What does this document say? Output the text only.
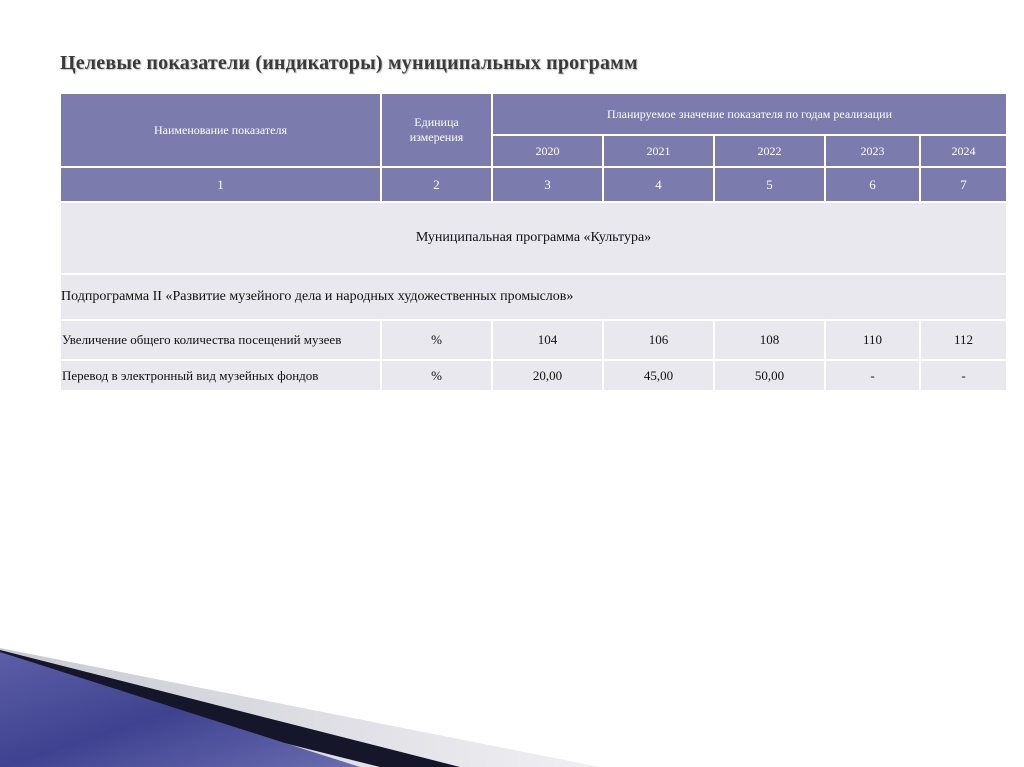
Целевые показатели (индикаторы) муниципальных программ
Наименование показателя	Единица измерения	Планируемое значение показателя по годам реализации				
		2020	2021	2022	2023	2024
1	2	3	4	5	6	7
Муниципальная программа «Культура»						
Подпрограмма II «Развитие музейного дела и народных художественных промыслов»						
Увеличение общего количества посещений музеев	%	104	106	108	110	112
Перевод в электронный вид музейных фондов	%	20,00	45,00	50,00	-	-
